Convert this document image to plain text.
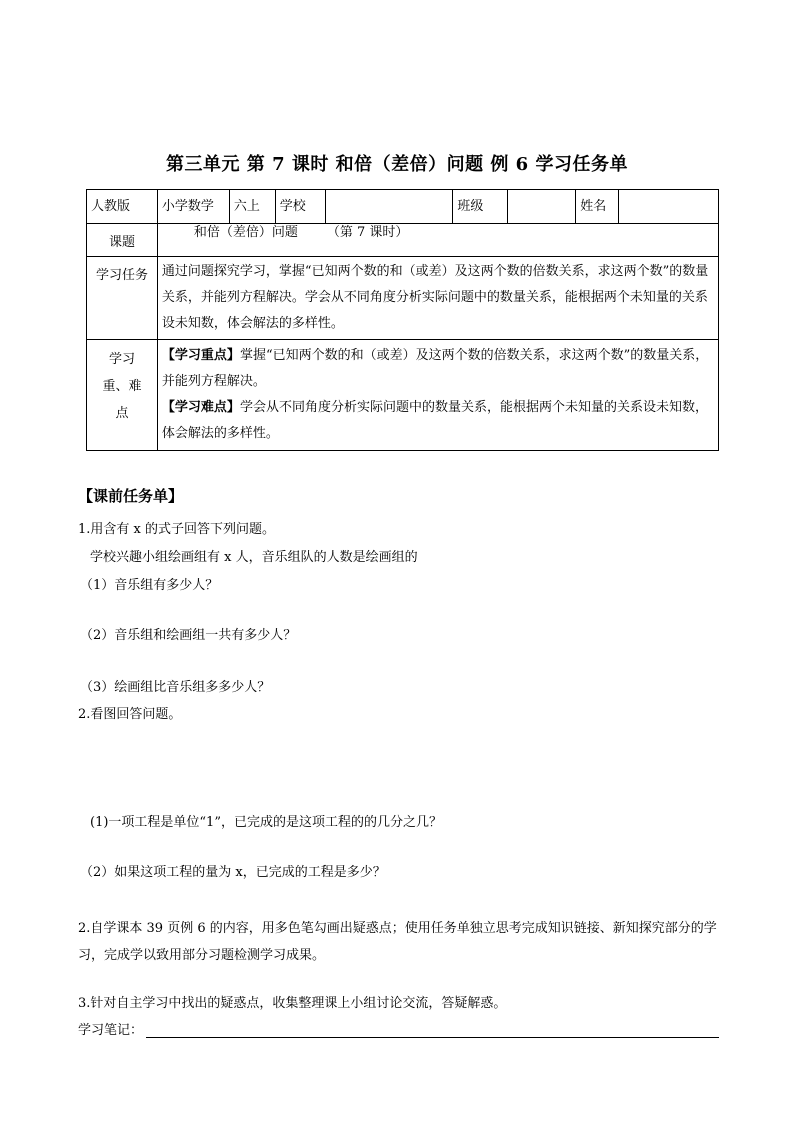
第三单元 第 7 课时 和倍（差倍）问题 例 6 学习任务单
人教版	小学数学	六上	学校		班级		姓名	
课题	和倍（差倍）问题       （第 7 课时）							
学习任务	通过问题探究学习，掌握“已知两个数的和（或差）及这两个数的倍数关系，求这两个数”的数量关系，并能列方程解决。学会从不同角度分析实际问题中的数量关系，能根据两个未知量的关系设未知数，体会解法的多样性。							
学习重、难点	【学习重点】掌握“已知两个数的和（或差）及这两个数的倍数关系，求这两个数”的数量关系，并能列方程解决。
【学习难点】学会从不同角度分析实际问题中的数量关系，能根据两个未知量的关系设未知数，体会解法的多样性。							
【课前任务单】
1.用含有 x 的式子回答下列问题。
学校兴趣小组绘画组有 x 人，音乐组队的人数是绘画组的
（1）音乐组有多少人？
（2）音乐组和绘画组一共有多少人？
（3）绘画组比音乐组多多少人？
2.看图回答问题。
(1)一项工程是单位“1”，已完成的是这项工程的的几分之几？
（2）如果这项工程的量为 x，已完成的工程是多少？
2.自学课本 39 页例 6 的内容，用多色笔勾画出疑惑点；使用任务单独立思考完成知识链接、新知探究部分的学习，完成学以致用部分习题检测学习成果。
3.针对自主学习中找出的疑惑点，收集整理课上小组讨论交流，答疑解惑。
学习笔记：
